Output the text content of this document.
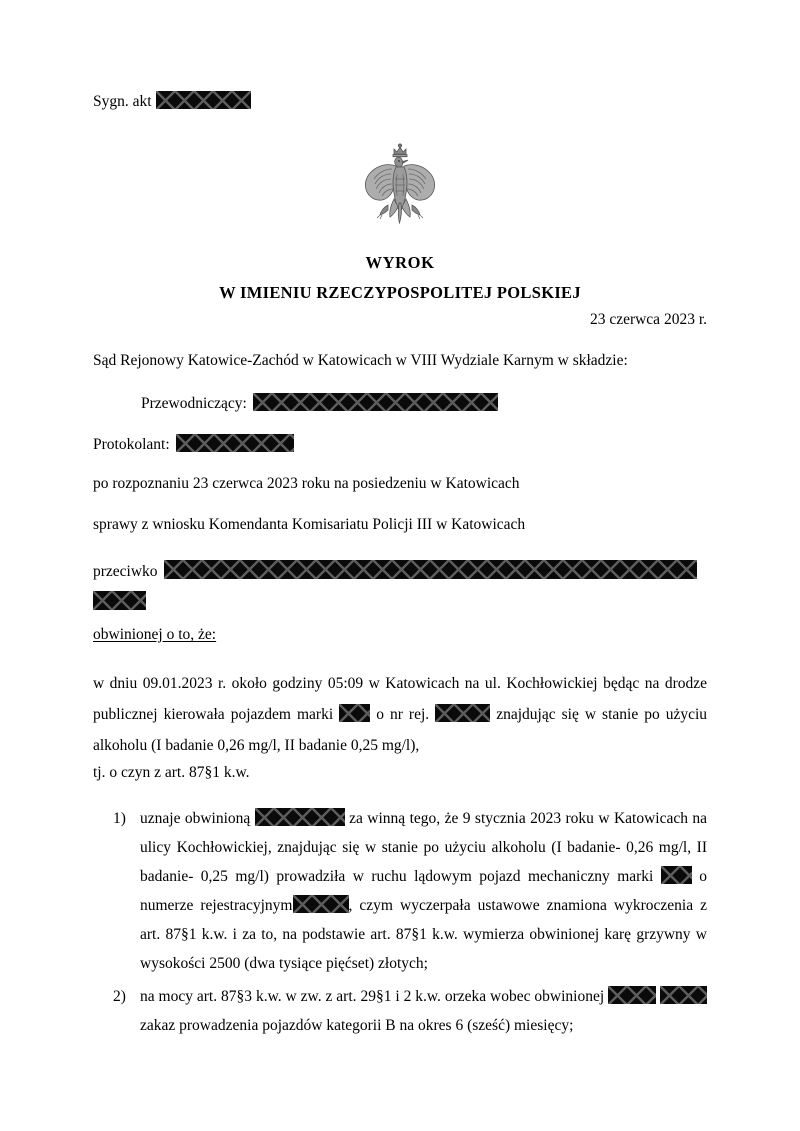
Sygn. akt
WYROK
W IMIENIU RZECZYPOSPOLITEJ POLSKIEJ
23 czerwca 2023 r.
Sąd Rejonowy Katowice-Zachód w Katowicach w VIII Wydziale Karnym w składzie:
Przewodniczący:
Protokolant:
po rozpoznaniu 23 czerwca 2023 roku na posiedzeniu w Katowicach
sprawy z wniosku Komendanta Komisariatu Policji III w Katowicach
przeciwko

obwinionej o to, że:
w dniu 09.01.2023 r. około godziny 05:09 w Katowicach na ul. Kochłowickiej będąc na drodze publicznej kierowała pojazdem marki	o nr rej.	znajdując się w stanie po użyciu alkoholu (I badanie 0,26 mg/l, II badanie 0,25 mg/l),
tj. o czyn z art. 87§1 k.w.
1) uznaje obwinioną	za winną tego, że 9 stycznia 2023 roku w Katowicach na ulicy Kochłowickiej, znajdując się w stanie po użyciu alkoholu (I badanie- 0,26 mg/l, II badanie- 0,25 mg/l) prowadziła w ruchu lądowym pojazd mechaniczny marki	o numerze rejestracyjnym	, czym wyczerpała ustawowe znamiona wykroczenia z art. 87§1 k.w. i za to, na podstawie art. 87§1 k.w. wymierza obwinionej karę grzywny w wysokości 2500 (dwa tysiące pięćset) złotych;
2) na mocy art. 87§3 k.w. w zw. z art. 29§1 i 2 k.w. orzeka wobec obwinionej  zakaz prowadzenia pojazdów kategorii B na okres 6 (sześć) miesięcy;
